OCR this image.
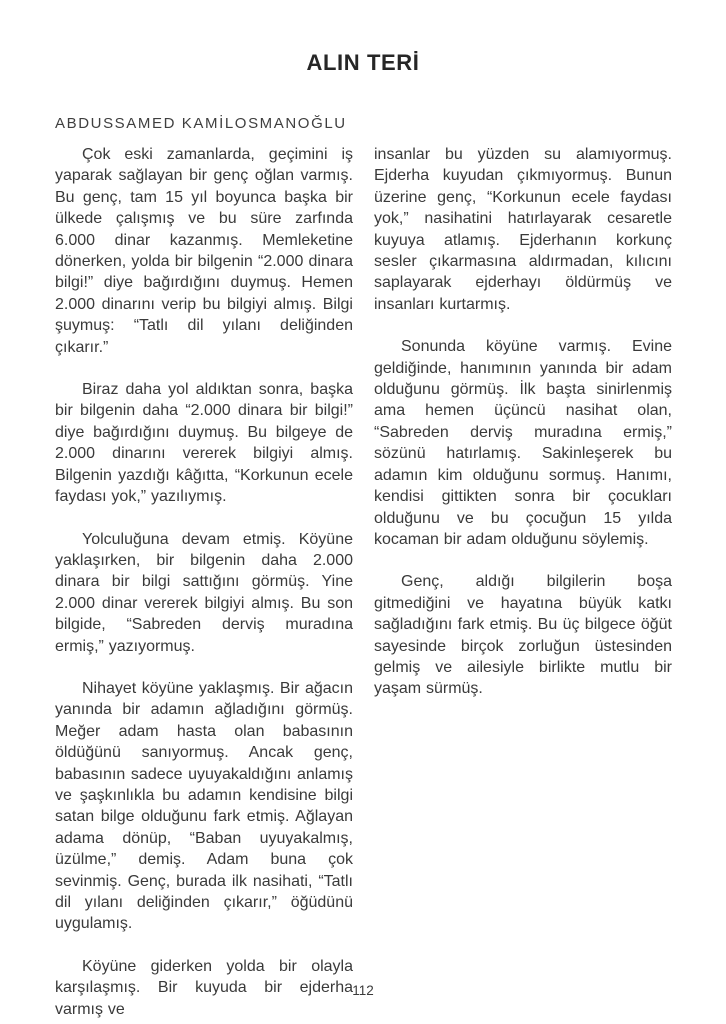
ALIN TERİ
ABDUSSAMED KAMİLOSMANOĞLU

Çok eski zamanlarda, geçimini iş yaparak sağlayan bir genç oğlan varmış. Bu genç, tam 15 yıl boyunca başka bir ülkede çalışmış ve bu süre zarfında 6.000 dinar kazanmış. Memleketine dönerken, yolda bir bilgenin “2.000 dinara bilgi!” diye bağırdığını duymuş. Hemen 2.000 dinarını verip bu bilgiyi almış. Bilgi şuymuş: “Tatlı dil yılanı deliğinden çıkarır.”

Biraz daha yol aldıktan sonra, başka bir bilgenin daha “2.000 dinara bir bilgi!” diye bağırdığını duymuş. Bu bilgeye de 2.000 dinarını vererek bilgiyi almış. Bilgenin yazdığı kâğıtta, “Korkunun ecele faydası yok,” yazılıymış.

Yolculuğuna devam etmiş. Köyüne yaklaşırken, bir bilgenin daha 2.000 dinara bir bilgi sattığını görmüş. Yine 2.000 dinar vererek bilgiyi almış. Bu son bilgide, “Sabreden derviş muradına ermiş,” yazıyormuş.

Nihayet köyüne yaklaşmış. Bir ağacın yanında bir adamın ağladığını görmüş. Meğer adam hasta olan babasının öldüğünü sanıyormuş. Ancak genç, babasının sadece uyuyakaldığını anlamış ve şaşkınlıkla bu adamın kendisine bilgi satan bilge olduğunu fark etmiş. Ağlayan adama dönüp, “Baban uyuyakalmış, üzülme,” demiş. Adam buna çok sevinmiş. Genç, burada ilk nasihati, “Tatlı dil yılanı deliğinden çıkarır,” öğüdünü uygulamış.

Köyüne giderken yolda bir olayla karşılaşmış. Bir kuyuda bir ejderha varmış ve

insanlar bu yüzden su alamıyormuş. Ejderha kuyudan çıkmıyormuş. Bunun üzerine genç, “Korkunun ecele faydası yok,” nasihatini hatırlayarak cesaretle kuyuya atlamış. Ejderhanın korkunç sesler çıkarmasına aldırmadan, kılıcını saplayarak ejderhayı öldürmüş ve insanları kurtarmış.

Sonunda köyüne varmış. Evine geldiğinde, hanımının yanında bir adam olduğunu görmüş. İlk başta sinirlenmiş ama hemen üçüncü nasihat olan, “Sabreden derviş muradına ermiş,” sözünü hatırlamış. Sakinleşerek bu adamın kim olduğunu sormuş. Hanımı, kendisi gittikten sonra bir çocukları olduğunu ve bu çocuğun 15 yılda kocaman bir adam olduğunu söylemiş.

Genç, aldığı bilgilerin boşa gitmediğini ve hayatına büyük katkı sağladığını fark etmiş. Bu üç bilgece öğüt sayesinde birçok zorluğun üstesinden gelmiş ve ailesiyle birlikte mutlu bir yaşam sürmüş.

112
